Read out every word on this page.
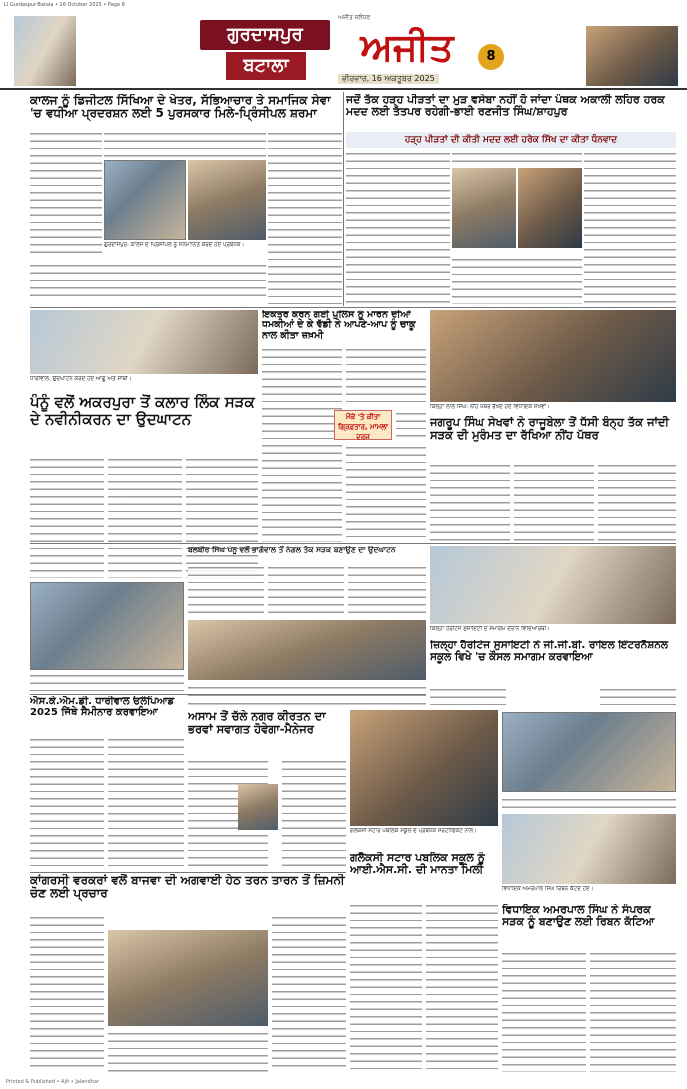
LI Gurdaspur-Batala • 16 October 2025 • Page 8
ਗੁਰਦਾਸਪੁਰ
ਬਟਾਲਾ
ਅਜੀਤ ਜਲੰਧਰ
ਅਜੀਤ
ਵੀਰਵਾਰ, 16 ਅਕਤੂਬਰ 2025
8
ਕਾਲਜ ਨੂੰ ਡਿਜੀਟਲ ਸਿੱਖਿਆ ਦੇ ਖੇਤਰ, ਸੱਭਿਆਚਾਰ ਤੇ ਸਮਾਜਿਕ ਸੇਵਾ 'ਚ ਵਧੀਆ ਪ੍ਰਦਰਸ਼ਨ ਲਈ 5 ਪੁਰਸਕਾਰ ਮਿਲੇ-ਪ੍ਰਿੰਸੀਪਲ ਸ਼ਰਮਾ
ਗੁਰਦਾਸਪੁਰ: ਕਾਲਜ ਦੇ ਪ੍ਰਿੰਸੀਪਲ ਨੂੰ ਸਨਮਾਨਿਤ ਕਰਦੇ ਹੋਏ ਪ੍ਰਬੰਧਕ।
ਜਦੋਂ ਤੱਕ ਹੜ੍ਹ ਪੀੜਤਾਂ ਦਾ ਮੁੜ ਵਸੇਬਾ ਨਹੀਂ ਹੋ ਜਾਂਦਾ ਪੰਥਕ ਅਕਾਲੀ ਲਹਿਰ ਹਰਕ ਮਦਦ ਲਈ ਤੱਤਪਰ ਰਹੇਗੀ-ਭਾਈ ਰਣਜੀਤ ਸਿੰਘ/ਸ਼ਾਹਪੁਰ
ਹੜ੍ਹ ਪੀੜਤਾਂ ਦੀ ਕੀਤੀ ਮਦਦ ਲਈ ਹਰੇਕ ਸਿੱਖ ਦਾ ਕੀਤਾ ਧੰਨਵਾਦ
ਧਾਰੀਵਾਲ: ਉਦਘਾਟਨ ਕਰਦੇ ਹੋਏ ਆਗੂ ਅਤੇ ਸਾਥੀ।
ਪੰਨੂੰ ਵਲੋਂ ਅਕਰਪੁਰਾ ਤੋਂ ਕਲਾਰ ਲਿੰਕ ਸੜਕ ਦੇ ਨਵੀਨੀਕਰਨ ਦਾ ਉਦਘਾਟਨ
ਇਕਤਰ ਕਰਨ ਗਈ ਪੁਲਿਸ ਨੂੰ ਮਾਰਨ ਦੀਆਂ ਧਮਕੀਆਂ ਦੇ ਕੇ ਵੱਡੀ ਨੇ ਆਪਣੇ-ਆਪ ਨੂੰ ਚਾਕੂ ਨਾਲ ਕੀਤਾ ਜ਼ਖ਼ਮੀ
ਮੌਕੇ 'ਤੇ ਕੀਤਾ ਗ੍ਰਿਫ਼ਤਾਰ, ਮਾਮਲਾ ਦਰਜ
ਕਿਲ੍ਹਾ ਲਾਲ ਸਿੰਘ: ਨੀਂਹ ਪੱਥਰ ਰੱਖਦੇ ਹੋਏ ਵਿਧਾਇਕ ਸੇਖਵਾਂ।
ਜਗਰੂਪ ਸਿੰਘ ਸੇਖਵਾਂ ਨੇ ਰਾਜੂਬੇਲਾ ਤੋਂ ਧੱਸੀ ਬੰਨ੍ਹ ਤੱਕ ਜਾਂਦੀ ਸੜਕ ਦੀ ਮੁਰੰਮਤ ਦਾ ਰੱਖਿਆ ਨੀਂਹ ਪੱਥਰ
ਬਲਬੀਰ ਸਿੰਘ ਪੰਨੂ ਵਲੋਂ ਭਾਗੋਵਾਲ ਤੋਂ ਨੰਗਲ ਤੱਕ ਸੜਕ ਬਣਾਉਣ ਦਾ ਉਦਘਾਟਨ
ਕਿਲ੍ਹਾ ਹੈਰੀਟੇਜ ਸੁਸਾਇਟੀ ਦੇ ਸਮਾਗਮ ਦੌਰਾਨ ਵਿਦਿਆਰਥੀ।
ਜ਼ਿਲ੍ਹਾ ਹੈਰੀਟੇਜ ਸੁਸਾਇਟੀ ਨੇ ਜੀ.ਜੀ.ਬੀ. ਰਾਇਲ ਇੰਟਰਨੈਸ਼ਨਲ ਸਕੂਲ ਵਿਖੇ 'ਚ ਕੌਸਲ ਸਮਾਗਮ ਕਰਵਾਇਆ
ਐਸ.ਕੇ.ਐਮ.ਡੀ. ਧਾਰੀਵਾਲ ਓਲੰਪਿਆਡ 2025 ਜਿੱਥੇ ਸੈਮੀਨਾਰ ਕਰਵਾਇਆ	ਅਸਾਮ ਤੋਂ ਚੱਲੇ ਨਗਰ ਕੀਰਤਨ ਦਾ ਭਰਵਾਂ ਸਵਾਗਤ ਹੋਵੇਗਾ-ਮੈਨੇਜਰ
ਗਲੈਕਸੀ ਸਟਾਰ ਪਬਲਿਕ ਸਕੂਲ ਦੇ ਪ੍ਰਬੰਧਕ ਸਰਟੀਫਿਕੇਟ ਨਾਲ।
ਵਿਧਾਇਕ ਅਮਰਪਾਲ ਸਿੰਘ ਰਿਬਨ ਕੱਟਦੇ ਹੋਏ।
ਕਾਂਗਰਸੀ ਵਰਕਰਾਂ ਵਲੋਂ ਬਾਜਵਾ ਦੀ ਅਗਵਾਈ ਹੇਠ ਤਰਨ ਤਾਰਨ ਤੋਂ ਜ਼ਿਮਨੀ ਚੋਣ ਲਈ ਪ੍ਰਚਾਰ
ਗਲੈਕਸੀ ਸਟਾਰ ਪਬਲਿਕ ਸਕੂਲ ਨੂੰ ਆਈ.ਐਸ.ਸੀ. ਦੀ ਮਾਨਤਾ ਮਿਲੀ
ਵਿਧਾਇਕ ਅਮਰਪਾਲ ਸਿੰਘ ਨੇ ਸੰਪਰਕ ਸੜਕ ਨੂੰ ਬਣਾਉਣ ਲਈ ਰਿਬਨ ਕੱਟਿਆ
Printed & Published • Ajit • Jalandhar
